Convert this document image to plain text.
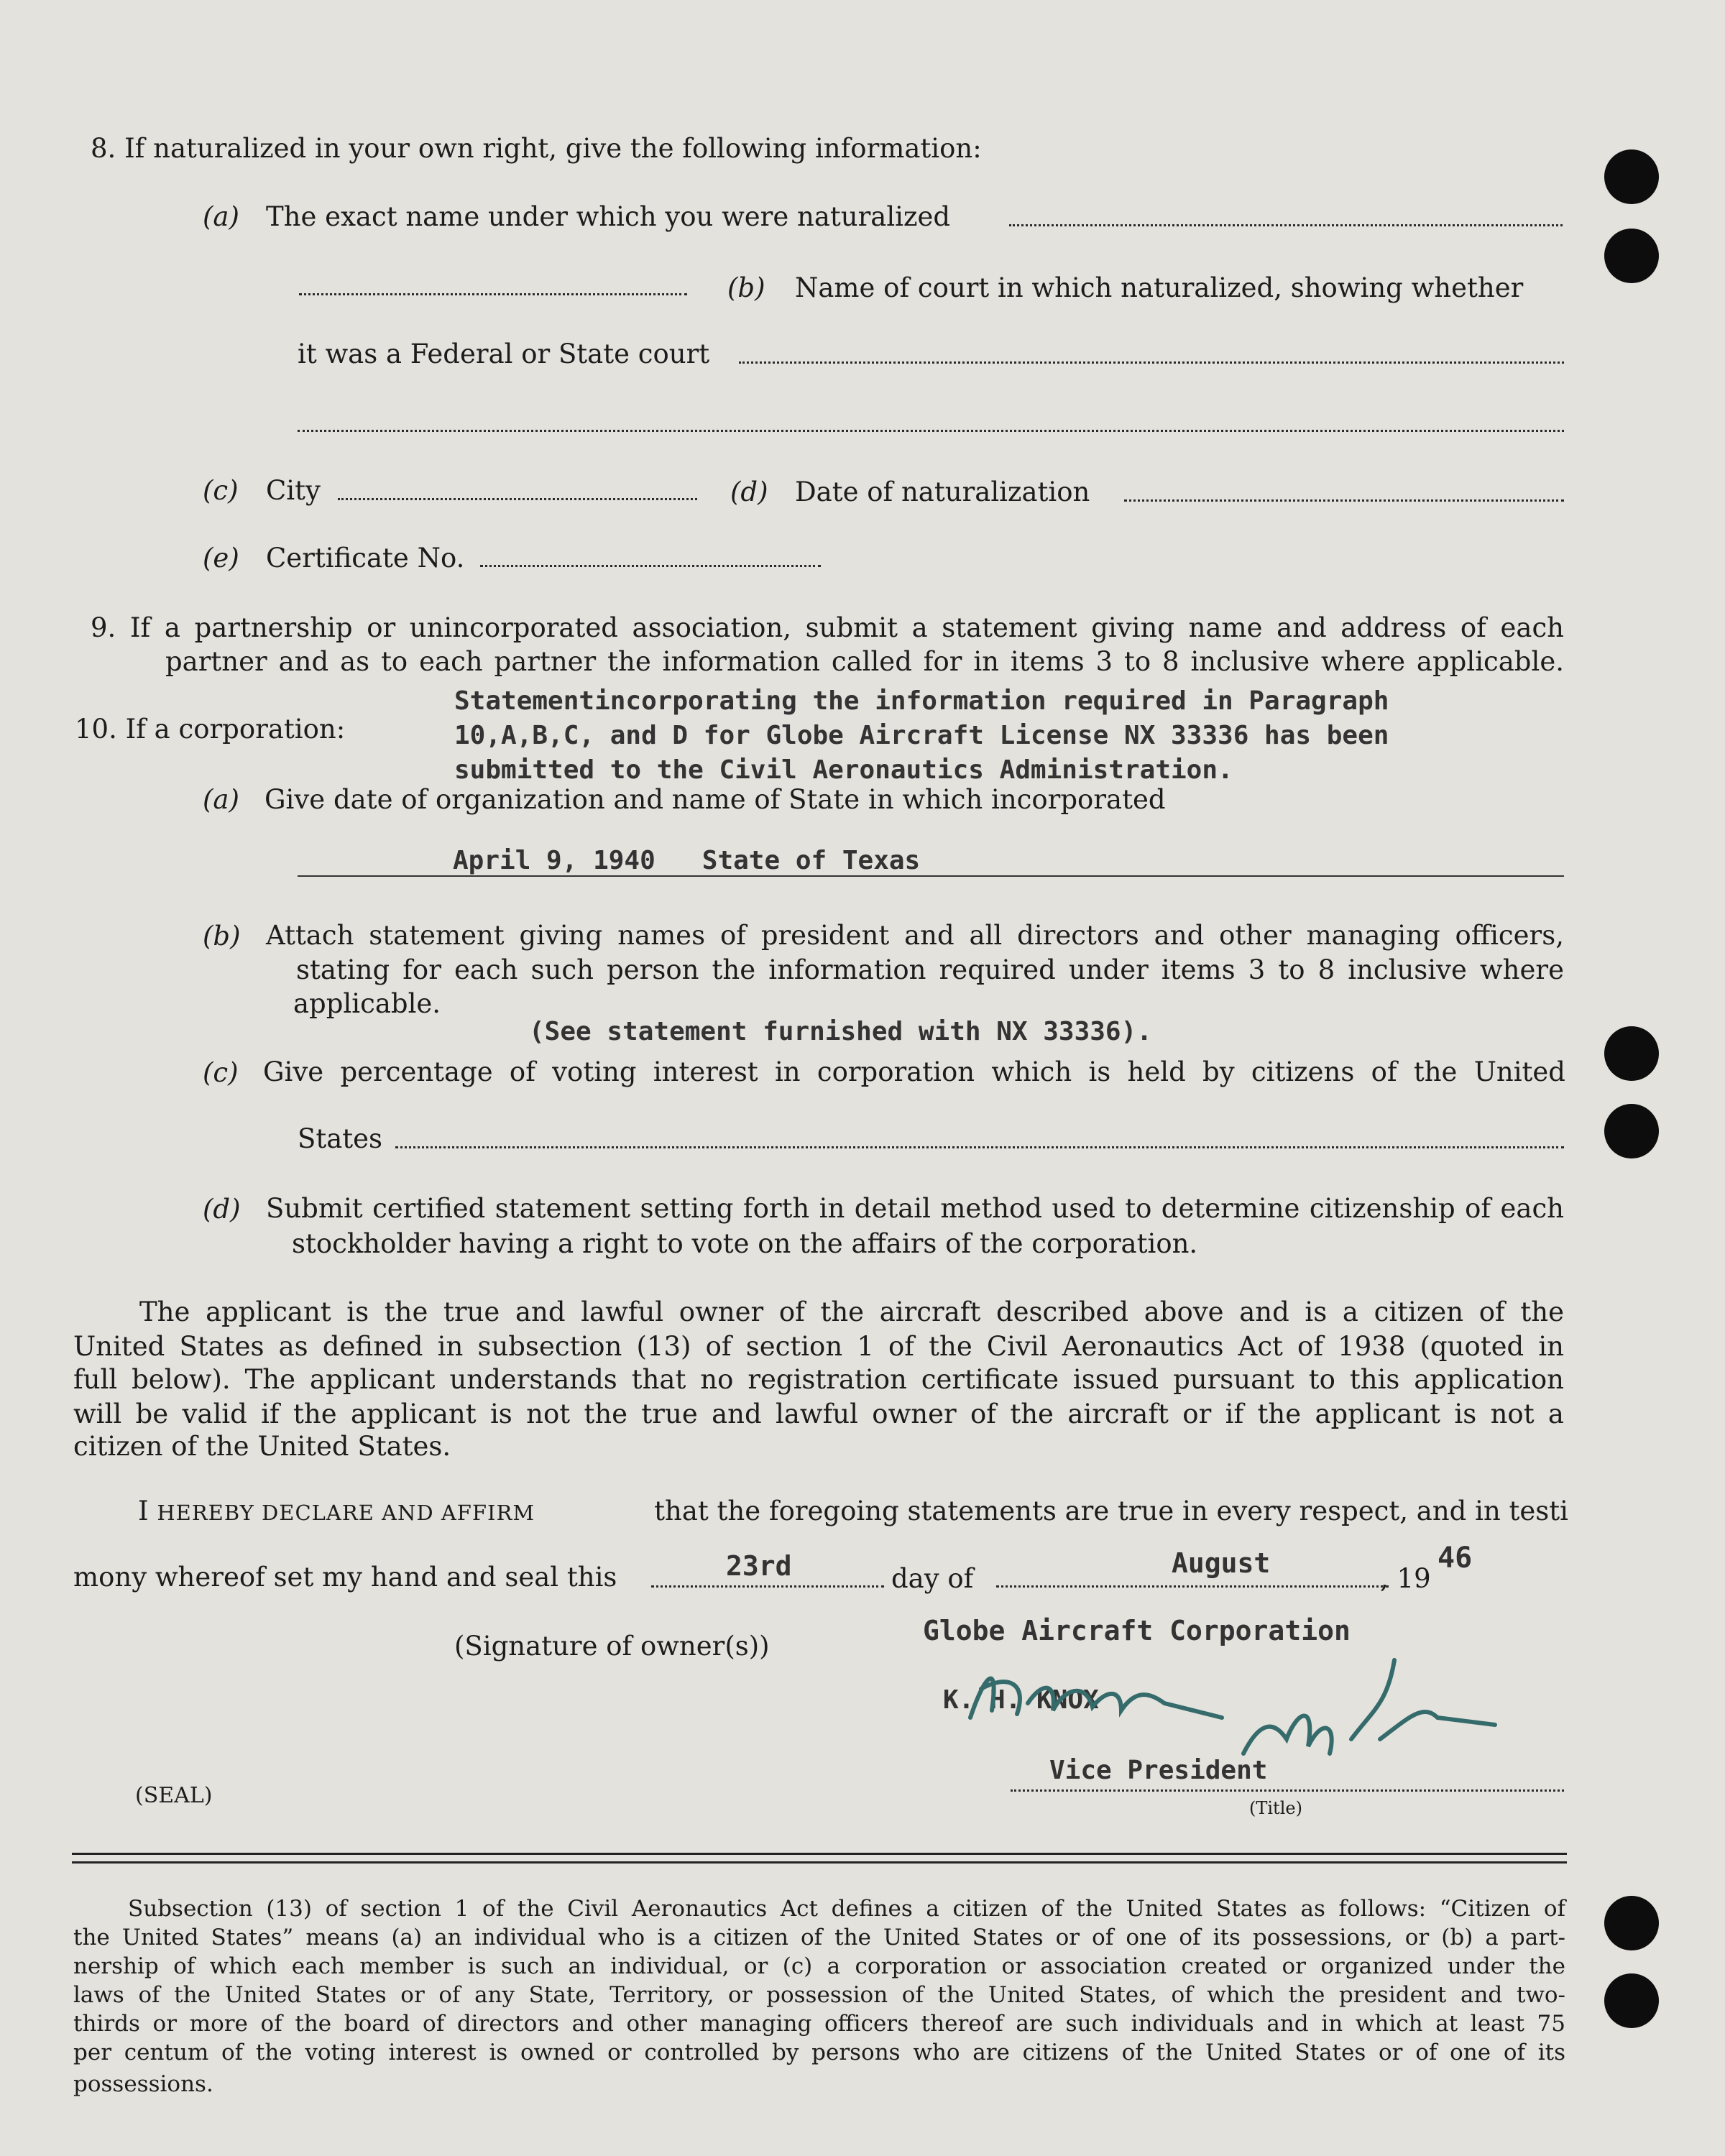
8. If naturalized in your own right, give the following information:
(a) The exact name under which you were naturalized
(b) Name of court in which naturalized, showing whether
it was a Federal or State court
(c) City	(d) Date of naturalization
(e) Certificate No.
9. If a partnership or unincorporated association, submit a statement giving name and address of each
partner and as to each partner the information called for in items 3 to 8 inclusive where applicable.
10. If a corporation:
Statementincorporating the information required in Paragraph
10,A,B,C, and D for Globe Aircraft License NX 33336 has been
submitted to the Civil Aeronautics Administration.
(a) Give date of organization and name of State in which incorporated
April 9, 1940   State of Texas
(b) Attach statement giving names of president and all directors and other managing officers,
stating for each such person the information required under items 3 to 8 inclusive where
applicable.
(See statement furnished with NX 33336).
(c) Give percentage of voting interest in corporation which is held by citizens of the United
States
(d) Submit certified statement setting forth in detail method used to determine citizenship of each
stockholder having a right to vote on the affairs of the corporation.
The applicant is the true and lawful owner of the aircraft described above and is a citizen of the
United States as defined in subsection (13) of section 1 of the Civil Aeronautics Act of 1938 (quoted in
full below). The applicant understands that no registration certificate issued pursuant to this application
will be valid if the applicant is not the true and lawful owner of the aircraft or if the applicant is not a
citizen of the United States.
I HEREBY DECLARE AND AFFIRM	that the foregoing statements are true in every respect, and in testi
mony whereof set my hand and seal this	23rd	day of	August	, 19
46
(Signature of owner(s))	Globe Aircraft Corporation
K. H. KNOX
Vice President
(Title)
(SEAL)
Subsection (13) of section 1 of the Civil Aeronautics Act defines a citizen of the United States as follows: “Citizen of
the United States” means (a) an individual who is a citizen of the United States or of one of its possessions, or (b) a part-
nership of which each member is such an individual, or (c) a corporation or association created or organized under the
laws of the United States or of any State, Territory, or possession of the United States, of which the president and two-
thirds or more of the board of directors and other managing officers thereof are such individuals and in which at least 75
per centum of the voting interest is owned or controlled by persons who are citizens of the United States or of one of its
possessions.
